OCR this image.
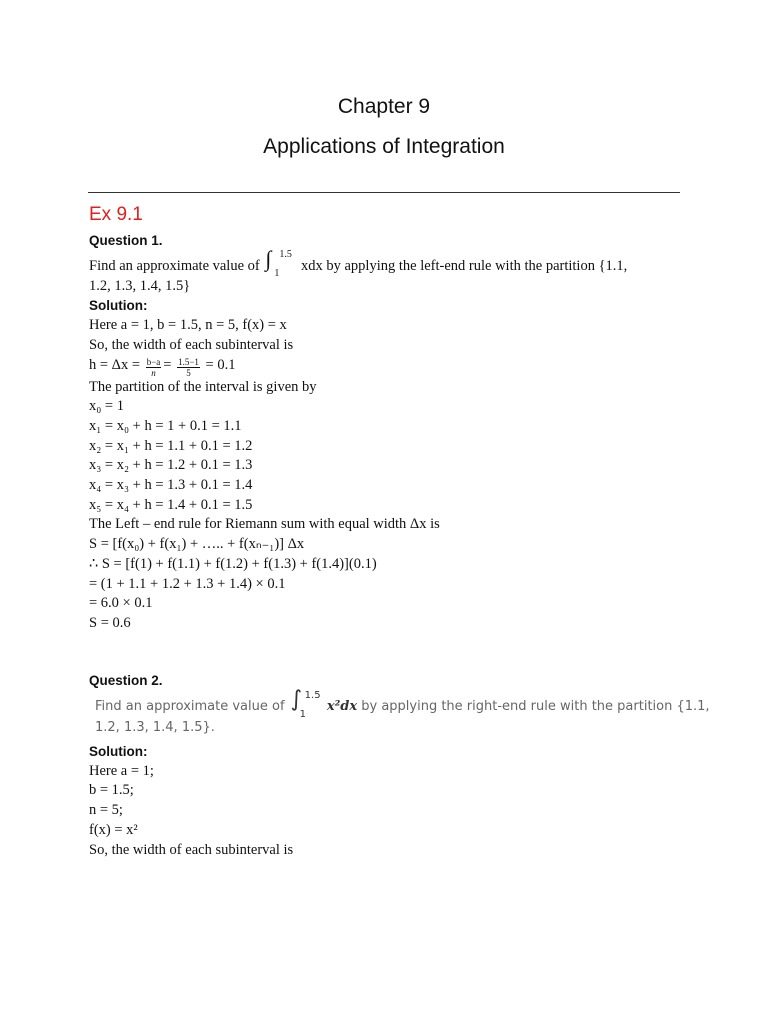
Chapter 9
Applications of Integration
Ex 9.1
Question 1.
Find an approximate value of ∫ 1.5
1 xdx by applying the left-end rule with the partition {1.1,
1.2, 1.3, 1.4, 1.5}
Solution:
Here a = 1, b = 1.5, n = 5, f(x) = x
So, the width of each subinterval is
$h = \Delta x = \frac{b-a}{n} = \frac{1.5-1}{5} = 0.1$
The partition of the interval is given by
x₀ = 1
x₁ = x₀ + h = 1 + 0.1 = 1.1
x₂ = x₁ + h = 1.1 + 0.1 = 1.2
x₃ = x₂ + h = 1.2 + 0.1 = 1.3
x₄ = x₃ + h = 1.3 + 0.1 = 1.4
x₅ = x₄ + h = 1.4 + 0.1 = 1.5
The Left – end rule for Riemann sum with equal width Δx is
S = [f(x₀) + f(x₁) + ….. + f(xₙ₋₁)] Δx
∴ S = [f(1) + f(1.1) + f(1.2) + f(1.3) + f(1.4)](0.1)
= (1 + 1.1 + 1.2 + 1.3 + 1.4) × 0.1
= 6.0 × 0.1
S = 0.6
Question 2.
Find an approximate value of ∫ 1.5
1
x²dx by applying the right-end rule with the partition {1.1,
1.2, 1.3, 1.4, 1.5}.
Solution:
Here a = 1;
b = 1.5;
n = 5;
f(x) = x²
So, the width of each subinterval is
